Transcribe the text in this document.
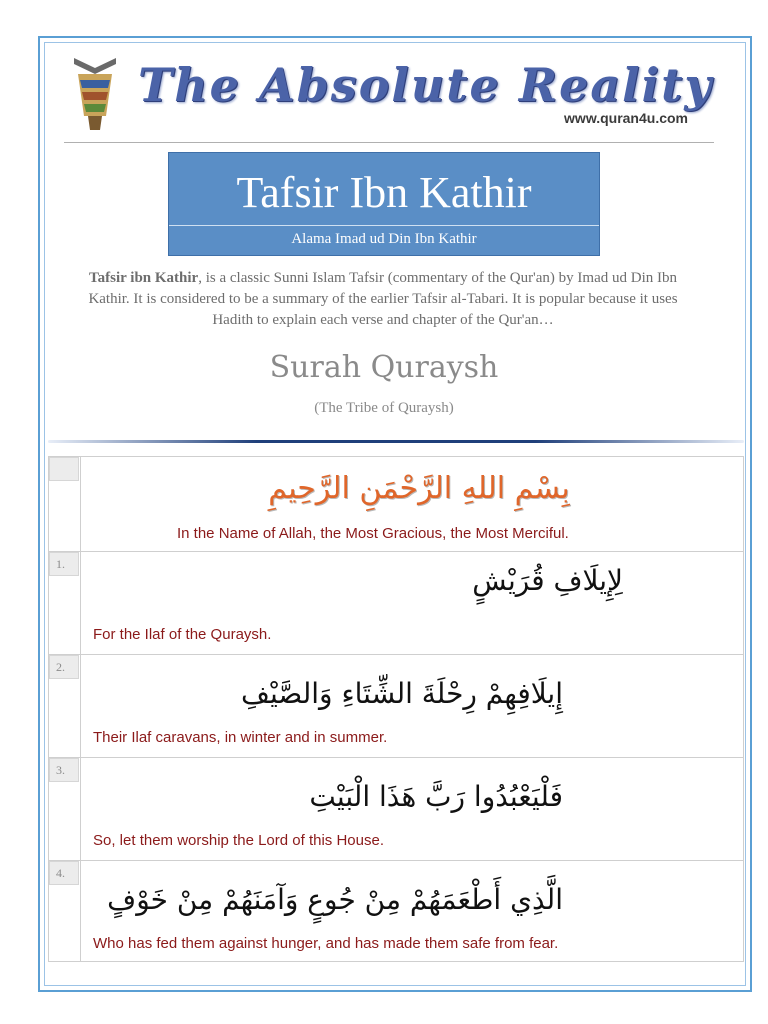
The Absolute Reality
www.quran4u.com
Tafsir Ibn Kathir
Alama Imad ud Din Ibn Kathir
Tafsir ibn Kathir, is a classic Sunni Islam Tafsir (commentary of the Qur'an) by Imad ud Din Ibn Kathir. It is considered to be a summary of the earlier Tafsir al-Tabari. It is popular because it uses Hadith to explain each verse and chapter of the Qur'an…
Surah Quraysh
(The Tribe of Quraysh)
بِسْمِ اللهِ الرَّحْمَنِ الرَّحِيمِ
In the Name of Allah, the Most Gracious, the Most Merciful.
1.	لِإِيلَافِ قُرَيْشٍ
For the Ilaf of the Quraysh.
2.
إِيلَافِهِمْ رِحْلَةَ الشِّتَاءِ وَالصَّيْفِ
Their Ilaf caravans, in winter and in summer.
3.
فَلْيَعْبُدُوا رَبَّ هَذَا الْبَيْتِ
So, let them worship the Lord of this House.
4.
الَّذِي أَطْعَمَهُمْ مِنْ جُوعٍ وَآمَنَهُمْ مِنْ خَوْفٍ
Who has fed them against hunger, and has made them safe from fear.
